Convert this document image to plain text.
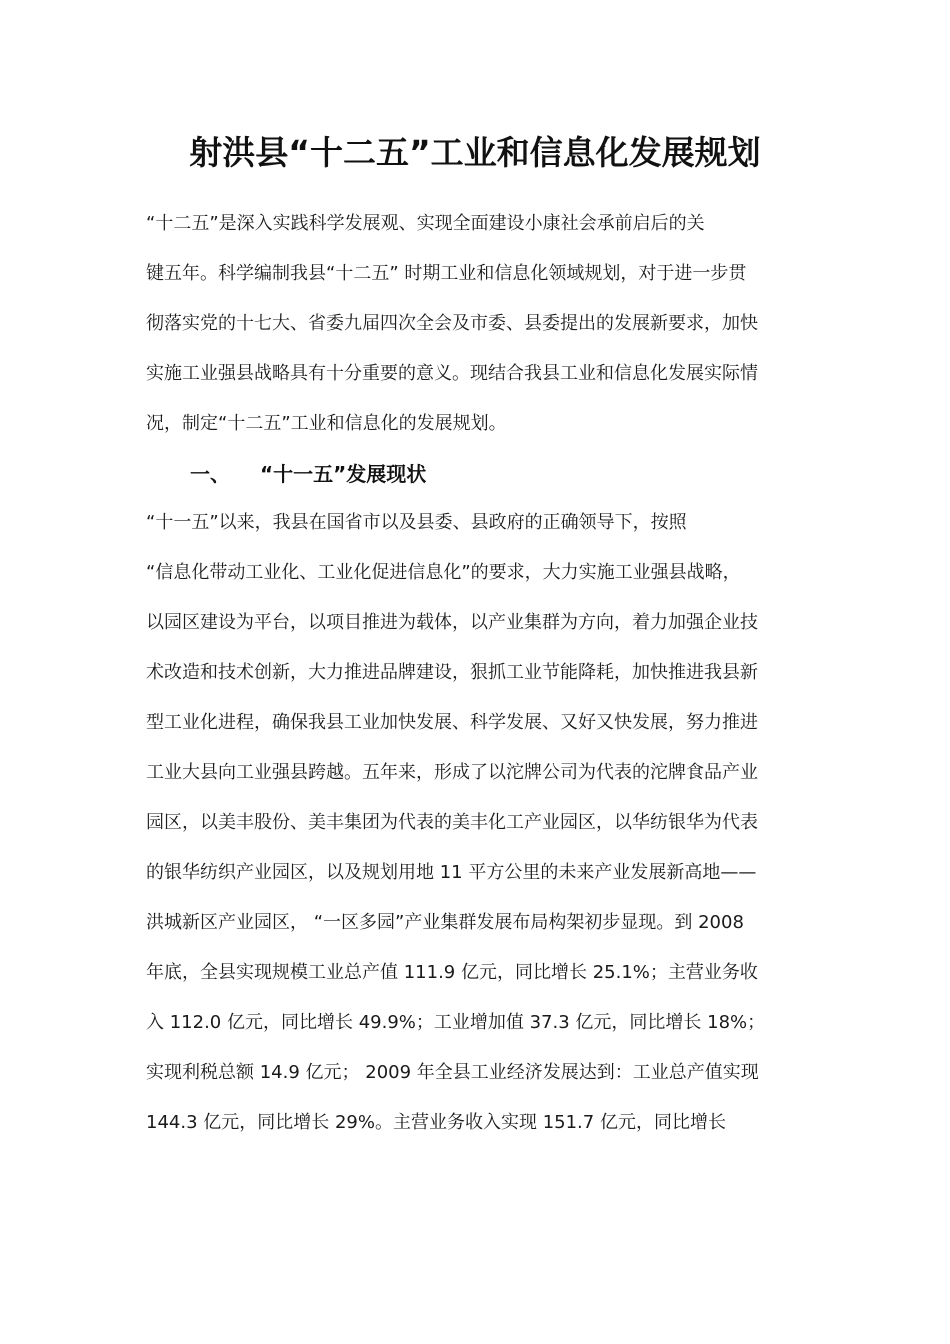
射洪县“十二五”工业和信息化发展规划
“十二五”是深入实践科学发展观、实现全面建设小康社会承前启后的关
键五年。科学编制我县“十二五” 时期工业和信息化领域规划，对于进一步贯
彻落实党的十七大、省委九届四次全会及市委、县委提出的发展新要求，加快
实施工业强县战略具有十分重要的意义。现结合我县工业和信息化发展实际情
况，制定“十二五”工业和信息化的发展规划。
一、 “十一五”发展现状
“十一五”以来，我县在国省市以及县委、县政府的正确领导下，按照
“信息化带动工业化、工业化促进信息化”的要求，大力实施工业强县战略，
以园区建设为平台，以项目推进为载体，以产业集群为方向，着力加强企业技
术改造和技术创新，大力推进品牌建设，狠抓工业节能降耗，加快推进我县新
型工业化进程，确保我县工业加快发展、科学发展、又好又快发展，努力推进
工业大县向工业强县跨越。五年来，形成了以沱牌公司为代表的沱牌食品产业
园区，以美丰股份、美丰集团为代表的美丰化工产业园区，以华纺银华为代表
的银华纺织产业园区，以及规划用地 11 平方公里的未来产业发展新高地——
洪城新区产业园区， “一区多园”产业集群发展布局构架初步显现。到 2008
年底，全县实现规模工业总产值 111.9 亿元，同比增长 25.1%；主营业务收
入 112.0 亿元，同比增长 49.9%；工业增加值 37.3 亿元，同比增长 18%；
实现利税总额 14.9 亿元； 2009 年全县工业经济发展达到：工业总产值实现
144.3 亿元，同比增长 29%。主营业务收入实现 151.7 亿元，同比增长
